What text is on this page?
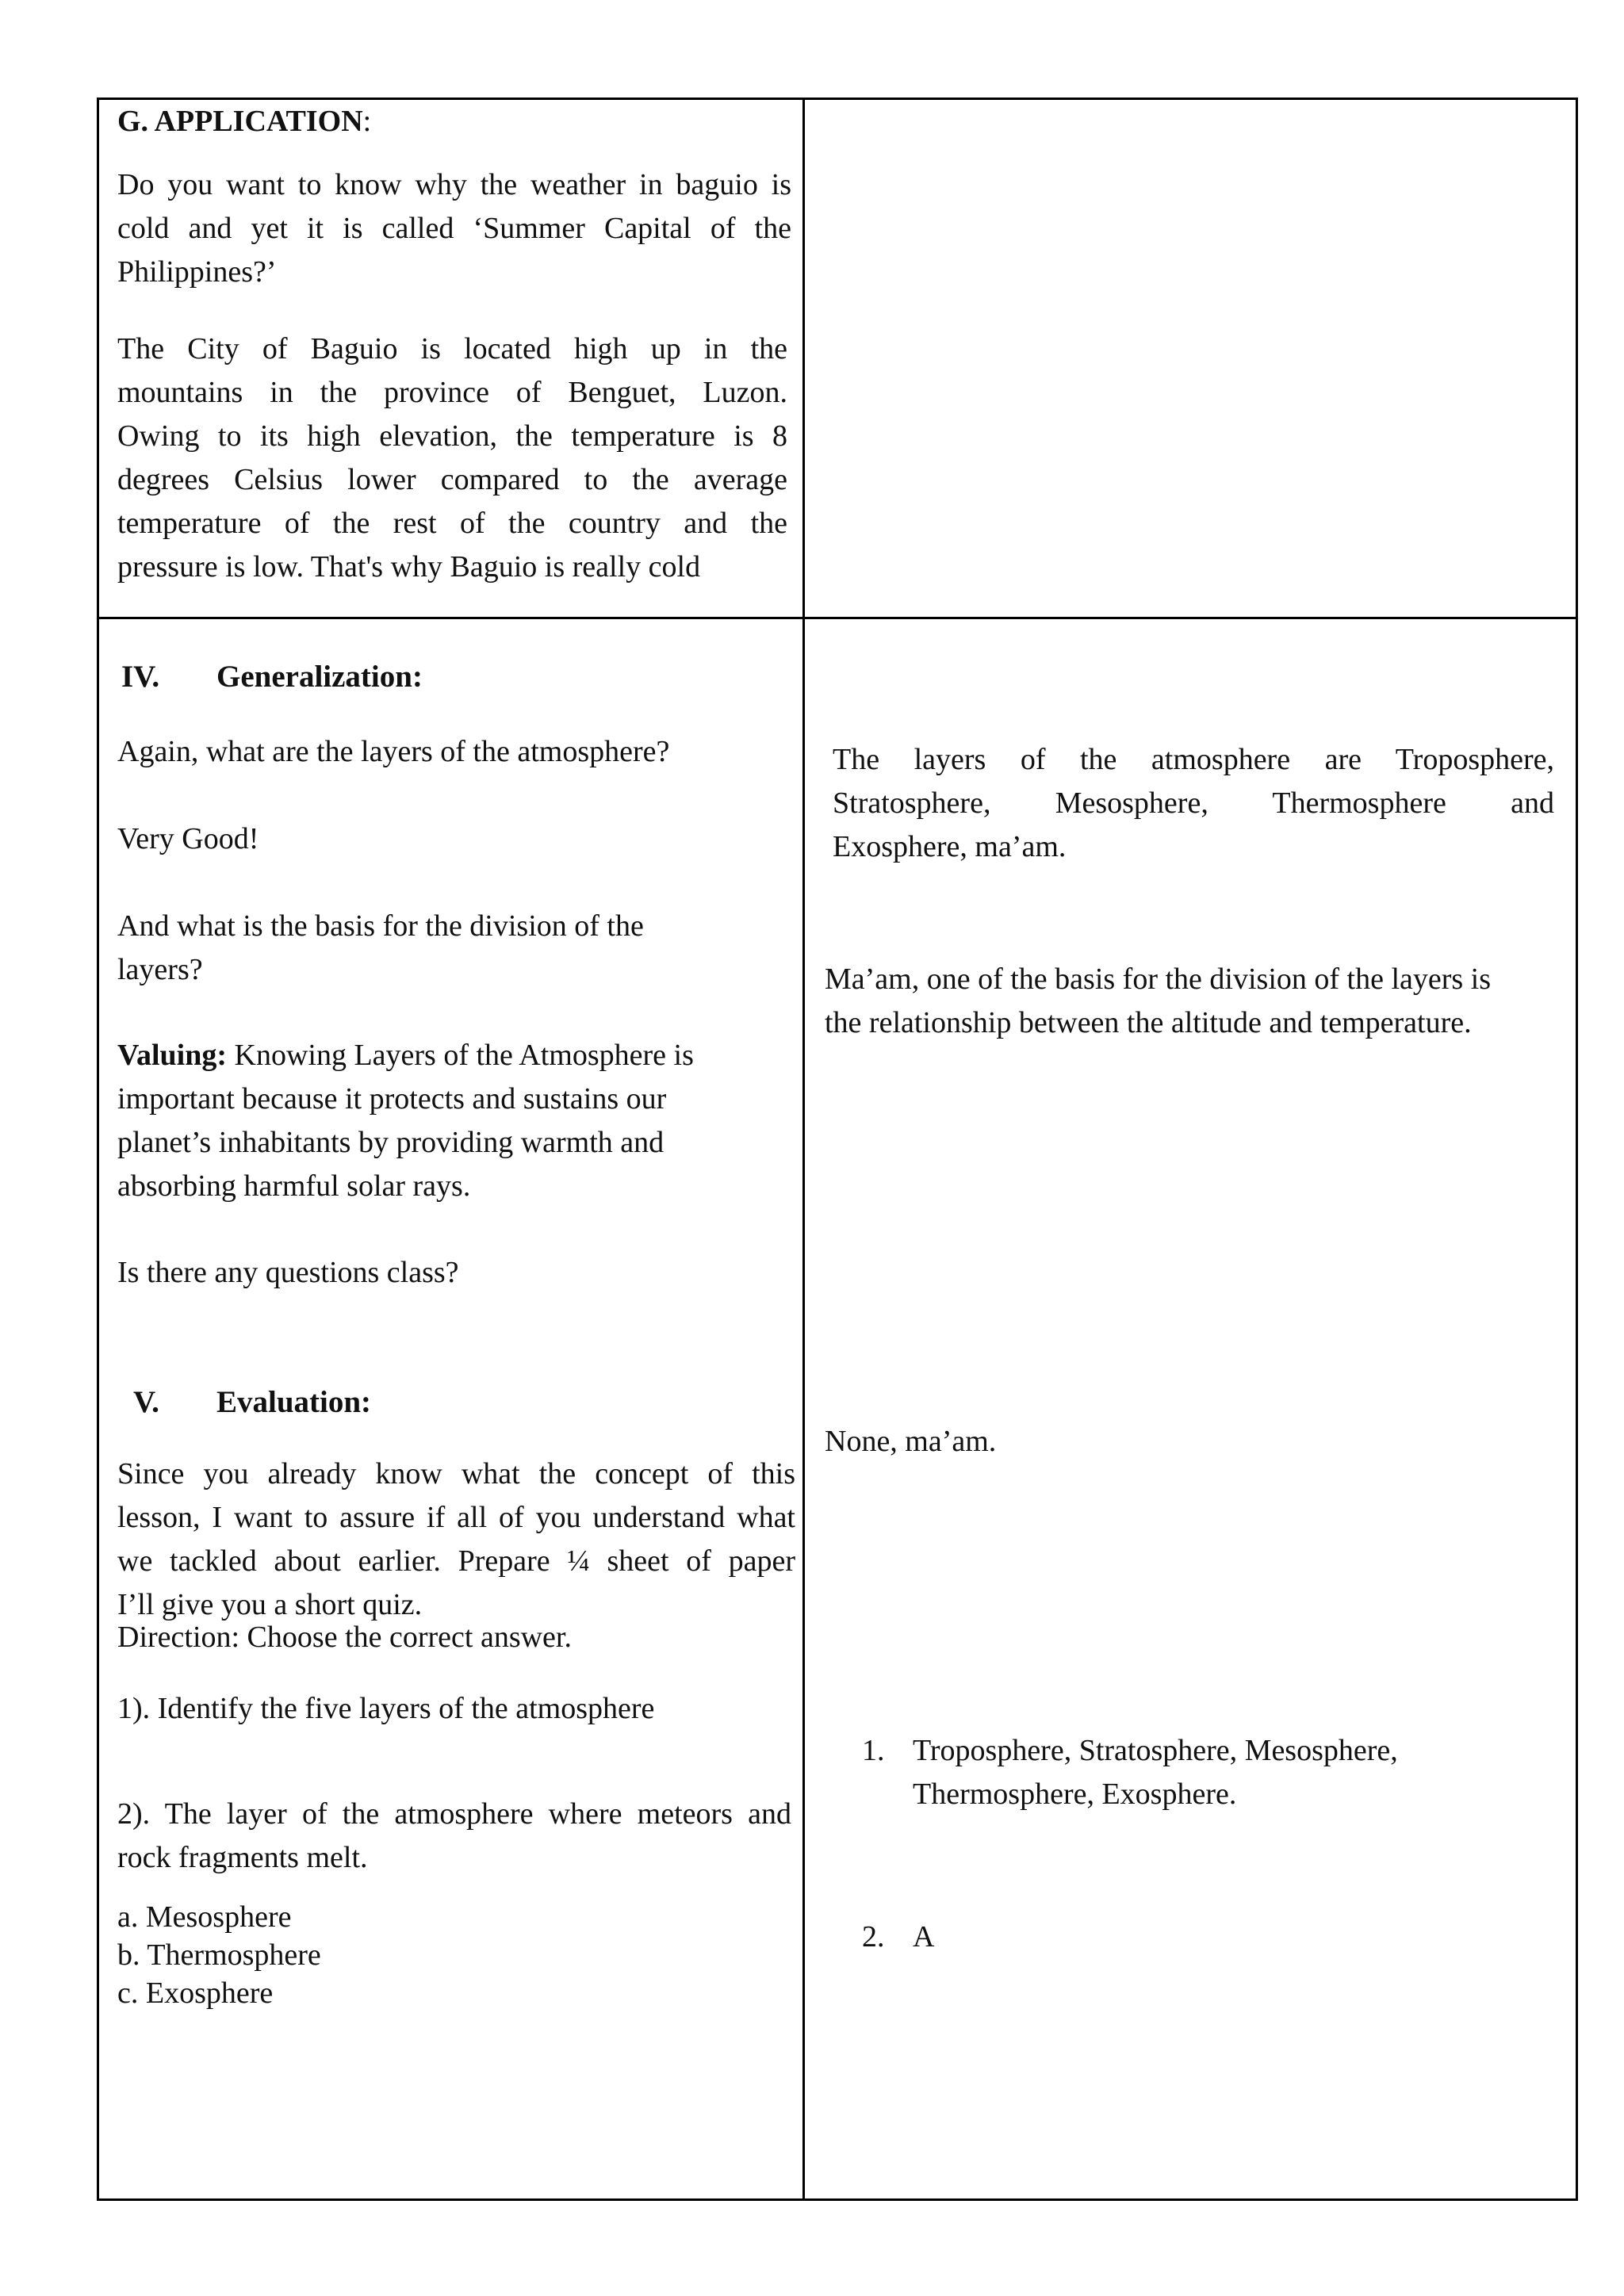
G. APPLICATION:

Do you want to know why the weather in baguio is
cold and yet it is called ‘Summer Capital of the
Philippines?’

The City of Baguio is located high up in the
mountains in the province of Benguet, Luzon.
Owing to its high elevation, the temperature is 8
degrees Celsius lower compared to the average
temperature of the rest of the country and the
pressure is low. That's why Baguio is really cold

IV. Generalization:

Again, what are the layers of the atmosphere?

Very Good!

And what is the basis for the division of the
layers?

Valuing: Knowing Layers of the Atmosphere is
important because it protects and sustains our
planet’s inhabitants by providing warmth and
absorbing harmful solar rays.

Is there any questions class?

V. Evaluation:

Since you already know what the concept of this
lesson, I want to assure if all of you understand what
we tackled about earlier. Prepare ¼ sheet of paper
I’ll give you a short quiz.

Direction: Choose the correct answer.

1). Identify the five layers of the atmosphere

2). The layer of the atmosphere where meteors and
rock fragments melt.

a. Mesosphere
b. Thermosphere
c. Exosphere

The layers of the atmosphere are Troposphere,
Stratosphere, Mesosphere, Thermosphere and
Exosphere, ma’am.

Ma’am, one of the basis for the division of the layers is
the relationship between the altitude and temperature.

None, ma’am.

1. Troposphere, Stratosphere, Mesosphere,
Thermosphere, Exosphere.
2. A
